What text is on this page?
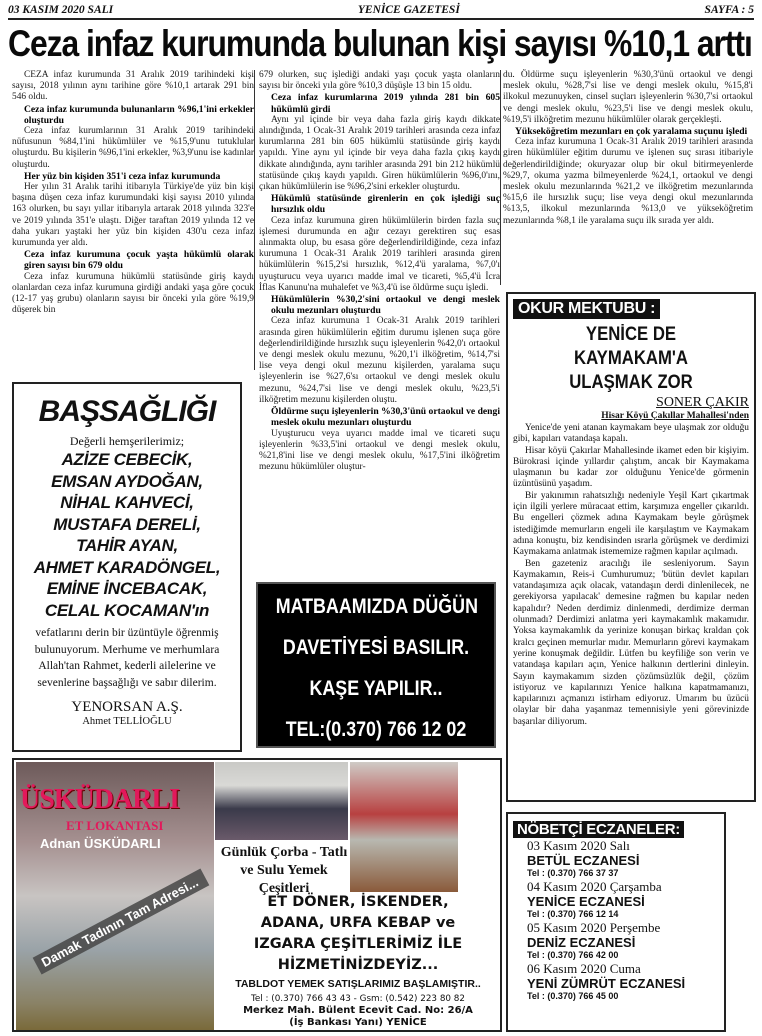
03 KASIM 2020 SALI	YENİCE GAZETESİ	SAYFA : 5
Ceza infaz kurumunda bulunan kişi sayısı %10,1 arttı

CEZA infaz kurumunda 31 Aralık 2019 tarihindeki kişi sayısı, 2018 yılının aynı tarihine göre %10,1 artarak 291 bin 546 oldu.

Ceza infaz kurumunda bulunanların %96,1'ini erkekler oluşturdu

Ceza infaz kurumlarının 31 Aralık 2019 tarihindeki nüfusunun %84,1'ini hükümlüler ve %15,9'unu tutuklular oluşturdu. Bu kişilerin %96,1'ini erkekler, %3,9'unu ise kadınlar oluşturdu.

Her yüz bin kişiden 351'i ceza infaz kurumunda

Her yılın 31 Aralık tarihi itibarıyla Türkiye'de yüz bin kişi başına düşen ceza infaz kurumundaki kişi sayısı 2010 yılında 163 olurken, bu sayı yıllar itibarıyla artarak 2018 yılında 323'e ve 2019 yılında 351'e ulaştı. Diğer taraftan 2019 yılında 12 ve daha yukarı yaştaki her yüz bin kişiden 430'u ceza infaz kurumunda yer aldı.

Ceza infaz kurumuna çocuk yaşta hükümlü olarak giren sayısı bin 679 oldu

Ceza infaz kurumuna hükümlü statüsünde giriş kaydı olanlardan ceza infaz kurumuna girdiği andaki yaşa göre çocuk (12-17 yaş grubu) olanların sayısı bir önceki yıla göre %19,9 düşerek bin

679 olurken, suç işlediği andaki yaşı çocuk yaşta olanların sayısı bir önceki yıla göre %10,3 düşüşle 13 bin 15 oldu.

Ceza infaz kurumlarına 2019 yılında 281 bin 605 hükümlü girdi

Aynı yıl içinde bir veya daha fazla giriş kaydı dikkate alındığında, 1 Ocak-31 Aralık 2019 tarihleri arasında ceza infaz kurumlarına 281 bin 605 hükümlü statüsünde giriş kaydı yapıldı. Yine aynı yıl içinde bir veya daha fazla çıkış kaydı dikkate alındığında, aynı tarihler arasında 291 bin 212 hükümlü statüsünde çıkış kaydı yapıldı. Giren hükümlülerin %96,0'ını, çıkan hükümlülerin ise %96,2'sini erkekler oluşturdu.

Hükümlü statüsünde girenlerin en çok işlediği suç hırsızlık oldu

Ceza infaz kurumuna giren hükümlülerin birden fazla suç işlemesi durumunda en ağır cezayı gerektiren suç esas alınmakta olup, bu esasa göre değerlendirildiğinde, ceza infaz kurumuna 1 Ocak-31 Aralık 2019 tarihleri arasında giren hükümlülerin %15,2'si hırsızlık, %12,4'ü yaralama, %7,0'ı uyuşturucu veya uyarıcı madde imal ve ticareti, %5,4'ü İcra İflas Kanunu'na muhalefet ve %3,4'ü ise öldürme suçu işledi.

Hükümlülerin %30,2'sini ortaokul ve dengi meslek okulu mezunları oluşturdu

Ceza infaz kurumuna 1 Ocak-31 Aralık 2019 tarihleri arasında giren hükümlülerin eğitim durumu işlenen suça göre değerlendirildiğinde hırsızlık suçu işleyenlerin %42,0'ı ortaokul ve dengi meslek okulu mezunu, %20,1'i ilköğretim, %14,7'si lise veya dengi okul mezunu kişilerden, yaralama suçu işleyenlerin ise %27,6'sı ortaokul ve dengi meslek okulu mezunu, %24,7'si lise ve dengi meslek okulu, %23,5'i ilköğretim mezunu kişilerden oluştu.

Öldürme suçu işleyenlerin %30,3'ünü ortaokul ve dengi meslek okulu mezunları oluşturdu

Uyuşturucu veya uyarıcı madde imal ve ticareti suçu işleyenlerin %33,5'ini ortaokul ve dengi meslek okulu, %21,8'ini lise ve dengi meslek okulu, %17,5'ini ilköğretim mezunu hükümlüler oluştur-

du. Öldürme suçu işleyenlerin %30,3'ünü ortaokul ve dengi meslek okulu, %28,7'si lise ve dengi meslek okulu, %15,8'i ilkokul mezunuyken, cinsel suçları işleyenlerin %30,7'si ortaokul ve dengi meslek okulu, %23,5'i lise ve dengi meslek okulu, %19,5'i ilköğretim mezunu hükümlüler olarak gerçekleşti.

Yükseköğretim mezunları en çok yaralama suçunu işledi

Ceza infaz kurumuna 1 Ocak-31 Aralık 2019 tarihleri arasında giren hükümlüler eğitim durumu ve işlenen suç sırası itibariyle değerlendirildiğinde; okuryazar olup bir okul bitirmeyenlerde %29,7, okuma yazma bilmeyenlerde %24,1, ortaokul ve dengi meslek okulu mezunlarında %21,2 ve ilköğretim mezunlarında %15,6 ile hırsızlık suçu; lise veya dengi okul mezunlarında %13,5, ilkokul mezunlarında %13,0 ve yükseköğretim mezunlarında %8,1 ile yaralama suçu ilk sırada yer aldı.

BAŞSAĞLIĞI
Değerli hemşerilerimiz;
AZİZE CEBECİK,
EMSAN AYDOĞAN,
NİHAL KAHVECİ,
MUSTAFA DERELİ,
TAHİR AYAN,
AHMET KARADÖNGEL,
EMİNE İNCEBACAK,
CELAL KOCAMAN'ın
vefatlarını derin bir üzüntüyle öğrenmiş bulunuyorum. Merhume ve merhumlara Allah'tan Rahmet, kederli ailelerine ve sevenlerine başsağlığı ve sabır dilerim.
YENORSAN A.Ş.
Ahmet TELLİOĞLU
MATBAAMIZDA DÜĞÜN
DAVETİYESİ BASILIR.
KAŞE YAPILIR..
TEL:(0.370) 766 12 02
OKUR MEKTUBU :
YENİCE DE KAYMAKAM'A
ULAŞMAK ZOR
SONER ÇAKIR
Hisar Köyü Çakıllar Mahallesi'nden

Yenice'de yeni atanan kaymakam beye ulaşmak zor olduğu gibi, kapıları vatandaşa kapalı.

Hisar köyü Çakırlar Mahallesinde ikamet eden bir kişiyim. Bürokrasi içinde yıllardır çalıştım, ancak bir Kaymakama ulaşmanın bu kadar zor olduğunu Yenice'de görmenin üzüntüsünü yaşadım.

Bir yakınımın rahatsızlığı nedeniyle Yeşil Kart çıkartmak için ilgili yerlere müracaat ettim, karşımıza engeller çıkarıldı. Bu engelleri çözmek adına Kaymakam beyle görüşmek istediğimde memurların engeli ile karşılaştım ve Kaymakam adına konuştu, biz kendisinden ısrarla görüşmek ve derdimizi Kaymakama anlatmak istememize rağmen kapılar açılmadı.

Ben gazeteniz aracılığı ile sesleniyorum. Sayın Kaymakamın, Reis-i Cumhurumuz; 'bütün devlet kapıları vatandaşımıza açık olacak, vatandaşın derdi dinlenilecek, ne gerekiyorsa yapılacak' demesine rağmen bu kapılar neden kapalıdır? Neden derdimiz dinlenmedi, derdimize derman olunmadı? Derdimizi anlatma yeri kaymakamlık makamıdır. Yoksa kaymakamlık da yerinize konuşan birkaç kraldan çok kralcı geçinen memurlar mıdır. Memurların görevi kaymakam yerine konuşmak değildir. Lütfen bu keyfiliğe son verin ve vatandaşa kapıları açın, Yenice halkının dertlerini dinleyin. Sayın kaymakamım sizden çözümsüzlük değil, çözüm istiyoruz ve kapılarınızı Yenice halkına kapatmamanızı, kapılarınızı açmanızı istirham ediyoruz. Umarım bu üzücü olaylar bir daha yaşanmaz temennisiyle yeni görevinizde başarılar diliyorum.

NÖBETÇİ ECZANELER:
03 Kasım 2020 Salı
BETÜL ECZANESİ
Tel : (0.370) 766 37 37
04 Kasım 2020 Çarşamba
YENİCE ECZANESİ
Tel : (0.370) 766 12 14
05 Kasım 2020 Perşembe
DENİZ ECZANESİ
Tel : (0.370) 766 42 00
06 Kasım 2020 Cuma
YENİ ZÜMRÜT ECZANESİ
Tel : (0.370) 766 45 00
ÜSKÜDARLI
ET LOKANTASI
Adnan ÜSKÜDARLI
Damak Tadının Tam Adresi...
Günlük Çorba - Tatlı ve Sulu Yemek Çeşitleri
ET DÖNER, İSKENDER,
ADANA, URFA KEBAP ve
IZGARA ÇEŞİTLERİMİZ İLE
HİZMETİNİZDEYİZ...
TABLDOT YEMEK SATIŞLARIMIZ BAŞLAMIŞTIR..
Tel : (0.370) 766 43 43 - Gsm: (0.542) 223 80 82
Merkez Mah. Bülent Ecevit Cad. No: 26/A
(İş Bankası Yanı) YENİCE
